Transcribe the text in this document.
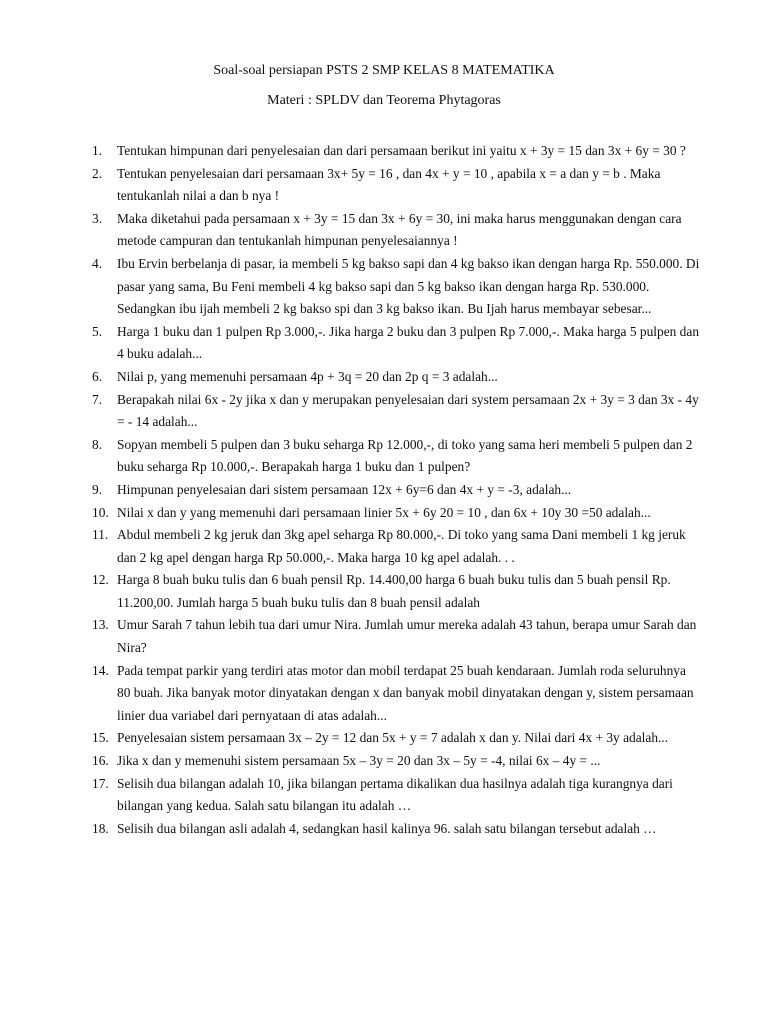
Soal-soal persiapan PSTS 2 SMP KELAS 8 MATEMATIKA
Materi : SPLDV dan Teorema Phytagoras
1. Tentukan himpunan dari penyelesaian dan dari persamaan berikut ini yaitu x + 3y = 15 dan 3x + 6y = 30 ?
2. Tentukan penyelesaian dari persamaan 3x+ 5y = 16 , dan 4x + y = 10 , apabila x = a dan y = b . Maka tentukanlah nilai a dan b nya !
3. Maka diketahui pada persamaan x + 3y = 15 dan 3x + 6y = 30, ini maka harus menggunakan dengan cara metode campuran dan tentukanlah himpunan penyelesaiannya !
4. Ibu Ervin berbelanja di pasar, ia membeli 5 kg bakso sapi dan 4 kg bakso ikan dengan harga Rp. 550.000. Di pasar yang sama, Bu Feni membeli 4 kg bakso sapi dan 5 kg bakso ikan dengan harga Rp. 530.000. Sedangkan ibu ijah membeli 2 kg bakso spi dan 3 kg bakso ikan. Bu Ijah harus membayar sebesar...
5. Harga 1 buku dan 1 pulpen Rp 3.000,-. Jika harga 2 buku dan 3 pulpen Rp 7.000,-. Maka harga 5 pulpen dan 4 buku adalah...
6. Nilai p, yang memenuhi persamaan 4p + 3q = 20 dan 2p q = 3 adalah...
7. Berapakah nilai 6x - 2y jika x dan y merupakan penyelesaian dari system persamaan 2x + 3y = 3 dan 3x - 4y = - 14 adalah...
8. Sopyan membeli 5 pulpen dan 3 buku seharga Rp 12.000,-, di toko yang sama heri membeli 5 pulpen dan 2 buku seharga Rp 10.000,-. Berapakah harga 1 buku dan 1 pulpen?
9. Himpunan penyelesaian dari sistem persamaan 12x + 6y=6 dan 4x + y = -3, adalah...
10. Nilai x dan y yang memenuhi dari persamaan linier 5x + 6y 20 = 10 , dan 6x + 10y 30 =50 adalah...
11. Abdul membeli 2 kg jeruk dan 3kg apel seharga Rp 80.000,-. Di toko yang sama Dani membeli 1 kg jeruk dan 2 kg apel dengan harga Rp 50.000,-. Maka harga 10 kg apel adalah. . .
12. Harga 8 buah buku tulis dan 6 buah pensil Rp. 14.400,00 harga 6 buah buku tulis dan 5 buah pensil Rp. 11.200,00. Jumlah harga 5 buah buku tulis dan 8 buah pensil adalah
13. Umur Sarah 7 tahun lebih tua dari umur Nira. Jumlah umur mereka adalah 43 tahun, berapa umur Sarah dan Nira?
14. Pada tempat parkir yang terdiri atas motor dan mobil terdapat 25 buah kendaraan. Jumlah roda seluruhnya 80 buah. Jika banyak motor dinyatakan dengan x dan banyak mobil dinyatakan dengan y, sistem persamaan linier dua variabel dari pernyataan di atas adalah...
15. Penyelesaian sistem persamaan 3x – 2y = 12 dan 5x + y = 7 adalah x dan y. Nilai dari 4x + 3y adalah...
16. Jika x dan y memenuhi sistem persamaan 5x – 3y = 20 dan 3x – 5y = -4, nilai 6x – 4y = ...
17. Selisih dua bilangan adalah 10, jika bilangan pertama dikalikan dua hasilnya adalah tiga kurangnya dari bilangan yang kedua. Salah satu bilangan itu adalah …
18. Selisih dua bilangan asli adalah 4, sedangkan hasil kalinya 96. salah satu bilangan tersebut adalah …
